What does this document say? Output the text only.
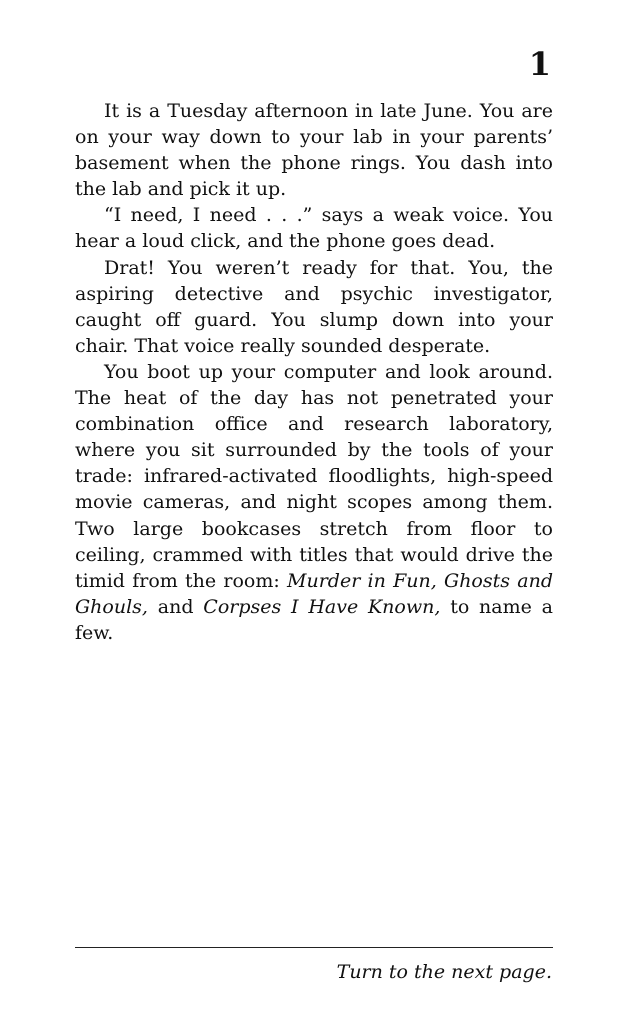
1

It is a Tuesday afternoon in late June. You are on your way down to your lab in your parents’ basement when the phone rings. You dash into the lab and pick it up.

“I need, I need . . .” says a weak voice. You hear a loud click, and the phone goes dead.

Drat! You weren’t ready for that. You, the aspiring detective and psychic investigator, caught off guard. You slump down into your chair. That voice really sounded desperate.

You boot up your computer and look around. The heat of the day has not penetrated your combination office and research laboratory, where you sit surrounded by the tools of your trade: infrared-activated floodlights, high-speed movie cameras, and night scopes among them. Two large bookcases stretch from floor to ceiling, crammed with titles that would drive the timid from the room: Murder in Fun, Ghosts and Ghouls, and Corpses I Have Known, to name a few.

Turn to the next page.
